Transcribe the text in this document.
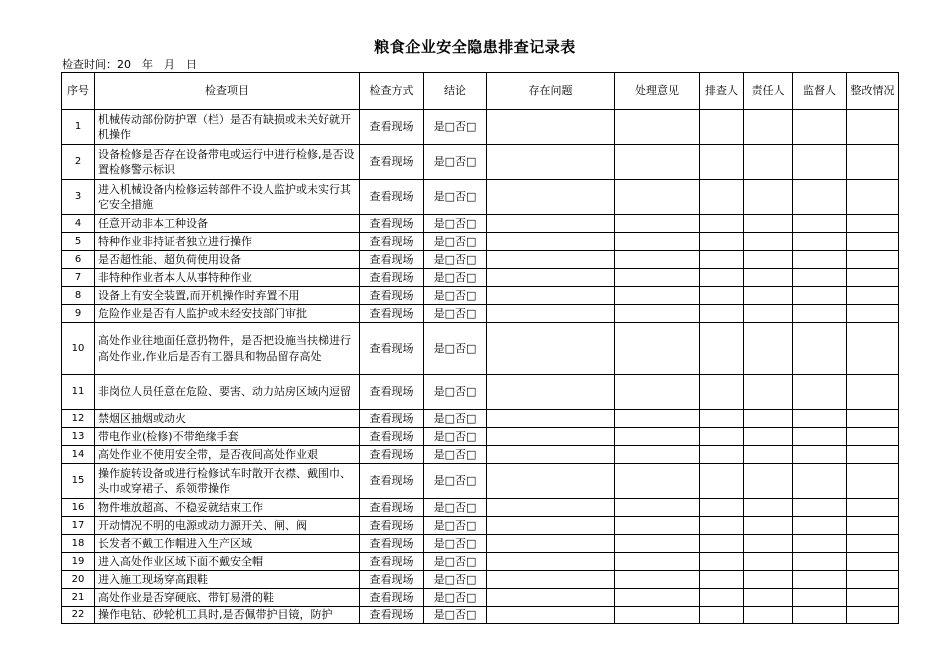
粮食企业安全隐患排查记录表
检查时间：20　年　月　日
序号	检查项目	检查方式	结论	存在问题	处理意见	排查人	责任人	监督人	整改情况
1	机械传动部份防护罩（栏）是否有缺损或未关好就开机操作	查看现场	是□否□						
2	设备检修是否存在设备带电或运行中进行检修,是否设置检修警示标识	查看现场	是□否□						
3	进入机械设备内检修运转部件不设人监护或未实行其它安全措施	查看现场	是□否□						
4	任意开动非本工种设备	查看现场	是□否□						
5	特种作业非持证者独立进行操作	查看现场	是□否□						
6	是否超性能、超负荷使用设备	查看现场	是□否□						
7	非特种作业者本人从事特种作业	查看现场	是□否□						
8	设备上有安全装置,而开机操作时弃置不用	查看现场	是□否□						
9	危险作业是否有人监护或未经安技部门审批	查看现场	是□否□						
10	高处作业往地面任意扔物件，是否把设施当扶梯进行高处作业,作业后是否有工器具和物品留存高处	查看现场	是□否□						
11	非岗位人员任意在危险、要害、动力站房区域内逗留	查看现场	是□否□						
12	禁烟区抽烟或动火	查看现场	是□否□						
13	带电作业(检修)不带绝缘手套	查看现场	是□否□						
14	高处作业不使用安全带，是否夜间高处作业艰	查看现场	是□否□						
15	操作旋转设备或进行检修试车时散开衣襟、戴围巾、头巾或穿裙子、系领带操作	查看现场	是□否□						
16	物件堆放超高、不稳妥就结束工作	查看现场	是□否□						
17	开动情况不明的电源或动力源开关、闸、阀	查看现场	是□否□						
18	长发者不戴工作帽进入生产区域	查看现场	是□否□						
19	进入高处作业区域下面不戴安全帽	查看现场	是□否□						
20	进入施工现场穿高跟鞋	查看现场	是□否□						
21	高处作业是否穿硬底、带钉易滑的鞋	查看现场	是□否□						
22	操作电钻、砂轮机工具时,是否佩带护目镜，防护	查看现场	是□否□						
